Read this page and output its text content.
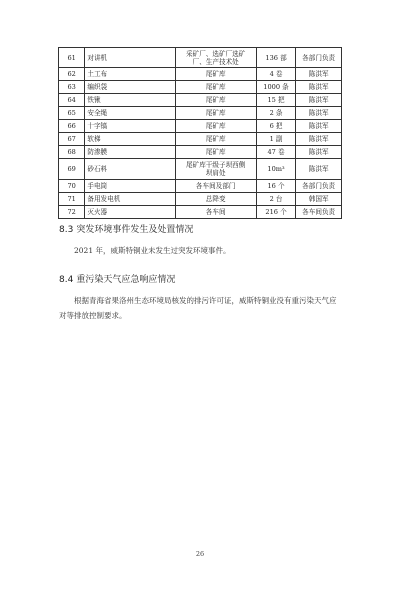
61	对讲机	采矿厂、选矿厂选矿
厂、生产技术处	136 部	各部门负责
62	土工布	尾矿库	4 卷	陈洪军
63	编织袋	尾矿库	1000 条	陈洪军
64	铁锹	尾矿库	15 把	陈洪军
65	安全绳	尾矿库	2 条	陈洪军
66	十字镐	尾矿库	6 把	陈洪军
67	软梯	尾矿库	1 副	陈洪军
68	防渗膜	尾矿库	47 卷	陈洪军
69	砂石料	尾矿库干级子坝西侧
坝肩处	10m³	陈洪军
70	手电筒	各车间及部门	16 个	各部门负责
71	备用发电机	总降变	2 台	韩国军
72	灭火器	各车间	216 个	各车间负责
8.3 突发环境事件发生及处置情况
2021 年，威斯特铜业未发生过突发环境事件。
8.4 重污染天气应急响应情况
根据青海省果洛州生态环境局核发的排污许可证，威斯特铜业没有重污染天气应对等排放控制要求。
26
